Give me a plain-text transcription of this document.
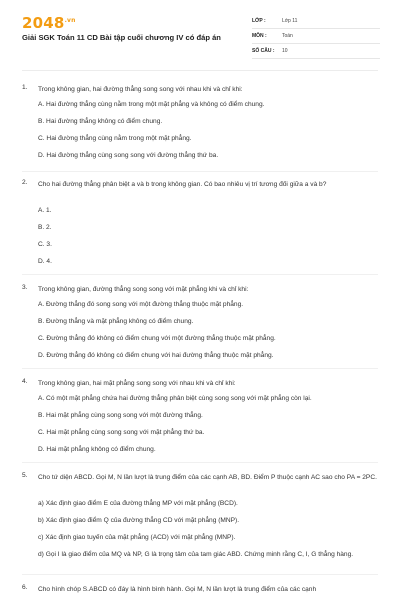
$2048^{.vn}$
Giải SGK Toán 11 CD Bài tập cuối chương IV có đáp án
LỚP :	Lớp 11
MÔN :	Toán
SỐ CÂU :	10
1. Trong không gian, hai đường thẳng song song với nhau khi và chỉ khi:
A. Hai đường thẳng cùng nằm trong một mặt phẳng và không có điểm chung.
B. Hai đường thẳng không có điểm chung.
C. Hai đường thẳng cùng nằm trong một mặt phẳng.
D. Hai đường thẳng cùng song song với đường thẳng thứ ba.
2. Cho hai đường thẳng phân biệt a và b trong không gian. Có bao nhiêu vị trí tương đối giữa a và b?
A. 1.
B. 2.
C. 3.
D. 4.
3. Trong không gian, đường thẳng song song với mặt phẳng khi và chỉ khi:
A. Đường thẳng đó song song với một đường thẳng thuộc mặt phẳng.
B. Đường thẳng và mặt phẳng không có điểm chung.
C. Đường thẳng đó không có điểm chung với một đường thẳng thuộc mặt phẳng.
D. Đường thẳng đó không có điểm chung với hai đường thẳng thuộc mặt phẳng.
4. Trong không gian, hai mặt phẳng song song với nhau khi và chỉ khi:
A. Có một mặt phẳng chứa hai đường thẳng phân biệt cùng song song với mặt phẳng còn lại.
B. Hai mặt phẳng cùng song song với một đường thẳng.
C. Hai mặt phẳng cùng song song với mặt phẳng thứ ba.
D. Hai mặt phẳng không có điểm chung.
5. Cho tứ diện ABCD. Gọi M, N lần lượt là trung điểm của các cạnh AB, BD. Điểm P thuộc cạnh AC sao cho PA = 2PC.
a) Xác định giao điểm E của đường thẳng MP với mặt phẳng (BCD).
b) Xác định giao điểm Q của đường thẳng CD với mặt phẳng (MNP).
c) Xác định giao tuyến của mặt phẳng (ACD) với mặt phẳng (MNP).
d) Gọi I là giao điểm của MQ và NP, G là trọng tâm của tam giác ABD. Chứng minh rằng C, I, G thẳng hàng.
6. Cho hình chóp S.ABCD có đáy là hình bình hành. Gọi M, N lần lượt là trung điểm của các cạnh
